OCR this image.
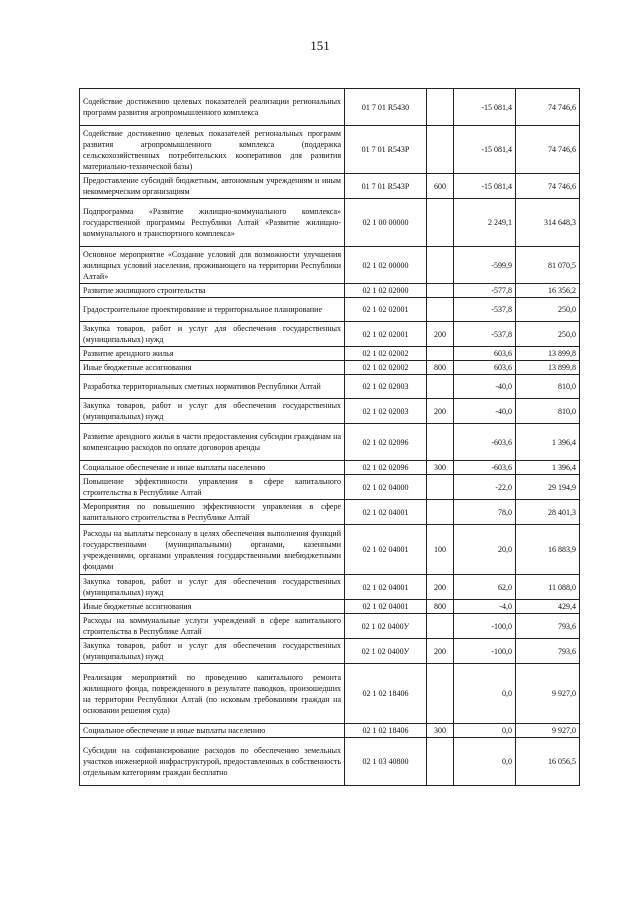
151
Содействие достижению целевых показателей реализации региональных программ развития агропромышленного комплекса	01 7 01 R5430		-15 081,4	74 746,6
Содействие достижению целевых показателей региональных программ развития агропромышленного комплекса (поддержка сельскохозяйственных потребительских кооперативов для развития материально-технической базы)	01 7 01 R543Р		-15 081,4	74 746,6
Предоставление субсидий бюджетным, автономным учреждениям и иным некоммерческим организациям	01 7 01 R543Р	600	-15 081,4	74 746,6
Подпрограмма «Развитие жилищно-коммунального комплекса» государственной программы Республики Алтай «Развитие жилищно-коммунального и транспортного комплекса»	02 1 00 00000		2 249,1	314 648,3
Основное мероприятие «Создание условий для возможности улучшения жилищных условий населения, проживающего на территории Республики Алтай»	02 1 02 00000		-599,9	81 070,5
Развитие жилищного строительства	02 1 02 02000		-577,8	16 356,2
Градостроительное проектирование и территориальное планирование	02 1 02 02001		-537,8	250,0
Закупка товаров, работ и услуг для обеспечения государственных (муниципальных) нужд	02 1 02 02001	200	-537,8	250,0
Развитие арендного жилья	02 1 02 02002		603,6	13 899,8
Иные бюджетные ассигнования	02 1 02 02002	800	603,6	13 899,8
Разработка территориальных сметных нормативов Республики Алтай	02 1 02 02003		-40,0	810,0
Закупка товаров, работ и услуг для обеспечения государственных (муниципальных) нужд	02 1 02 02003	200	-40,0	810,0
Развитие арендного жилья в части предоставления субсидии гражданам на компенсацию расходов по оплате договоров аренды	02 1 02 02096		-603,6	1 396,4
Социальное обеспечение и иные выплаты населению	02 1 02 02096	300	-603,6	1 396,4
Повышение эффективности управления в сфере капитального строительства в Республике Алтай	02 1 02 04000		-22,0	29 194,9
Мероприятия по повышению эффективности управления в сфере капитального строительства в Республике Алтай	02 1 02 04001		78,0	28 401,3
Расходы на выплаты персоналу в целях обеспечения выполнения функций государственными (муниципальными) органами, казенными учреждениями, органами управления государственными внебюджетными фондами	02 1 02 04001	100	20,0	16 883,9
Закупка товаров, работ и услуг для обеспечения государственных (муниципальных) нужд	02 1 02 04001	200	62,0	11 088,0
Иные бюджетные ассигнования	02 1 02 04001	800	-4,0	429,4
Расходы на коммунальные услуги учреждений в сфере капитального строительства в Республике Алтай	02 1 02 0400У		-100,0	793,6
Закупка товаров, работ и услуг для обеспечения государственных (муниципальных) нужд	02 1 02 0400У	200	-100,0	793,6
Реализация мероприятий по проведению капитального ремонта жилищного фонда, поврежденного в результате паводков, произошедших на территории Республики Алтай (по исковым требованиям граждан на основании решения суда)	02 1 02 18406		0,0	9 927,0
Социальное обеспечение и иные выплаты населению	02 1 02 18406	300	0,0	9 927,0
Субсидии на софинансирование расходов по обеспечению земельных участков инженерной инфраструктурой, предоставленных в собственность отдельным категориям граждан бесплатно	02 1 03 40800		0,0	16 056,5
